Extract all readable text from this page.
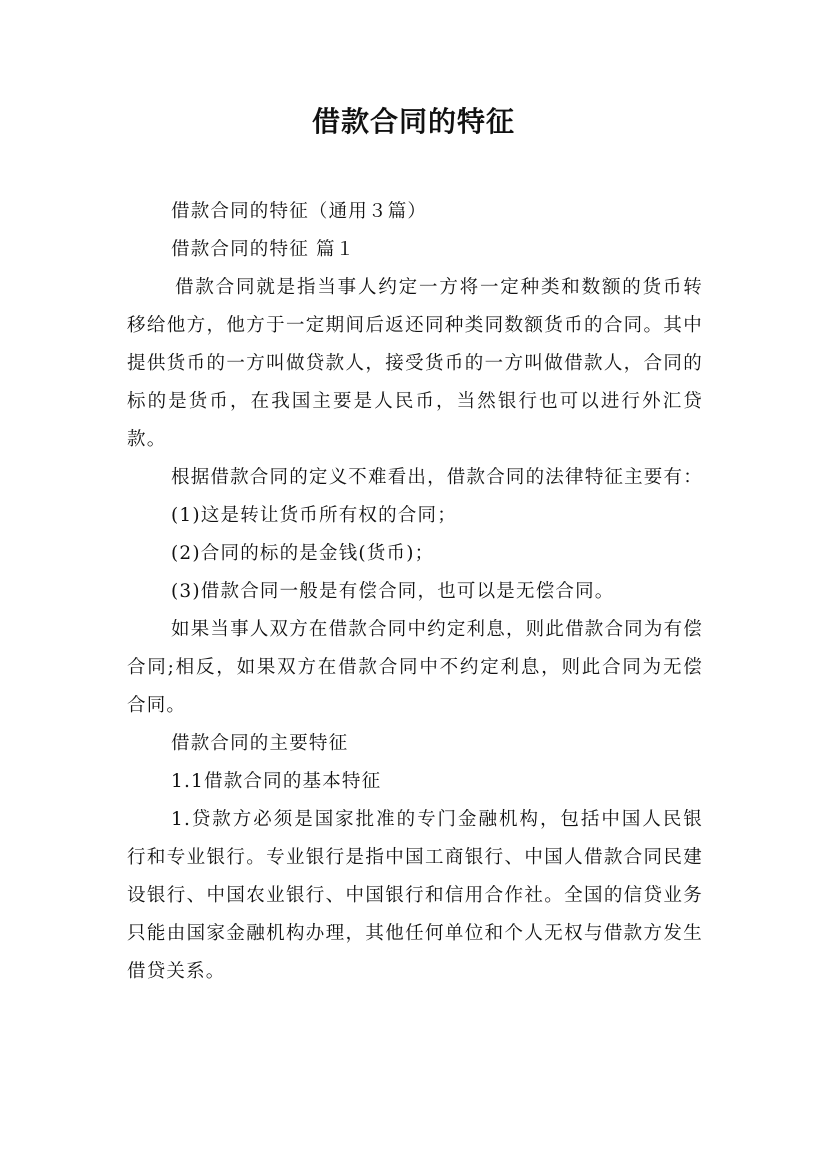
借款合同的特征

借款合同的特征（通用３篇）

借款合同的特征 篇１

借款合同就是指当事人约定一方将一定种类和数额的货币转移给他方，他方于一定期间后返还同种类同数额货币的合同。其中提供货币的一方叫做贷款人，接受货币的一方叫做借款人，合同的标的是货币，在我国主要是人民币，当然银行也可以进行外汇贷款。

根据借款合同的定义不难看出，借款合同的法律特征主要有：

(1)这是转让货币所有权的合同；

(2)合同的标的是金钱(货币)；

(3)借款合同一般是有偿合同，也可以是无偿合同。

如果当事人双方在借款合同中约定利息，则此借款合同为有偿合同;相反，如果双方在借款合同中不约定利息，则此合同为无偿合同。

借款合同的主要特征

1.1借款合同的基本特征

1.贷款方必须是国家批准的专门金融机构，包括中国人民银行和专业银行。专业银行是指中国工商银行、中国人借款合同民建设银行、中国农业银行、中国银行和信用合作社。全国的信贷业务只能由国家金融机构办理，其他任何单位和个人无权与借款方发生借贷关系。
